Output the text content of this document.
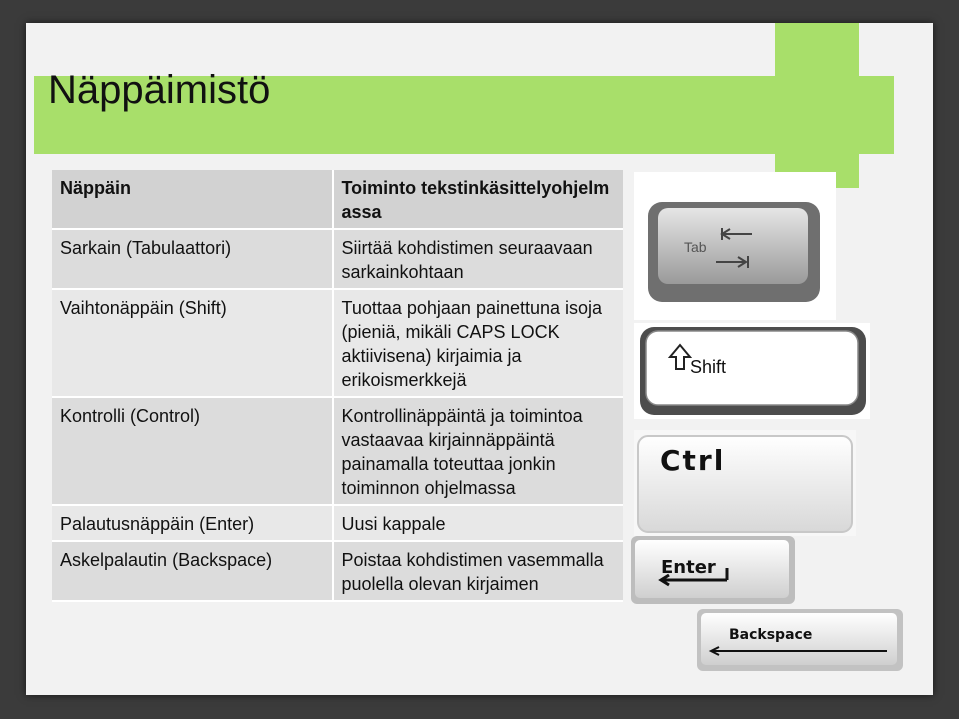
Näppäimistö
Näppäin	Toiminto tekstinkäsittelyohjelmassa
Sarkain (Tabulaattori)	Siirtää kohdistimen seuraavaan sarkainkohtaan
Vaihtonäppäin (Shift)	Tuottaa pohjaan painettuna isoja (pieniä, mikäli CAPS LOCK aktiivisena) kirjaimia ja erikoismerkkejä
Kontrolli (Control)	Kontrollinäppäintä ja toimintoa vastaavaa kirjainnäppäintä painamalla toteuttaa jonkin toiminnon ohjelmassa
Palautusnäppäin (Enter)	Uusi kappale
Askelpalautin (Backspace)	Poistaa kohdistimen vasemmalla puolella olevan kirjaimen
Tab
Shift
Ctrl
Enter
Backspace
